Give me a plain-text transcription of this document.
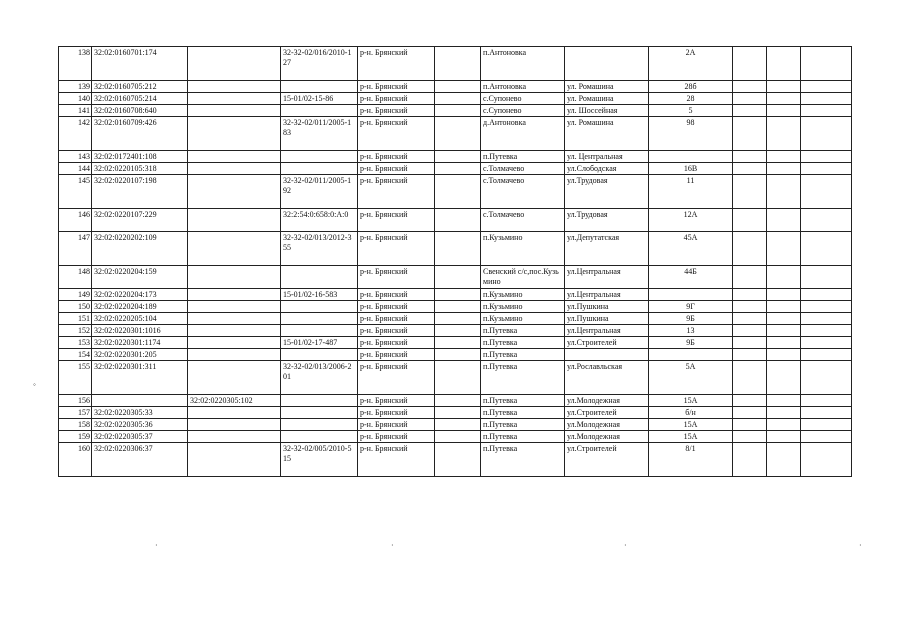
138	32:02:0160701:174		32-32-02/016/2010-127	р-н. Брянский		п.Антоновка		2А			
139	32:02:0160705:212			р-н. Брянский		п.Антоновка	ул. Ромашина	28б			
140	32:02:0160705:214		15-01/02-15-86	р-н. Брянский		с.Супонево	ул. Ромашина	28			
141	32:02:0160708:640			р-н. Брянский		с.Супонево	ул. Шоссейная	5			
142	32:02:0160709:426		32-32-02/011/2005-183	р-н. Брянский		д.Антоновка	ул. Ромашина	98			
143	32:02:0172401:108			р-н. Брянский		п.Путевка	ул. Центральная				
144	32:02:0220105:318			р-н. Брянский		с.Толмачево	ул.Слободская	16В			
145	32:02:0220107:198		32-32-02/011/2005-192	р-н. Брянский		с.Толмачево	ул.Трудовая	11			
146	32:02:0220107:229		32:2:54:0:658:0:А:0	р-н. Брянский		с.Толмачево	ул.Трудовая	12А			
147	32:02:0220202:109		32-32-02/013/2012-355	р-н. Брянский		п.Кузьмино	ул.Депутатская	45А			
148	32:02:0220204:159			р-н. Брянский		Свенский с/с,пос.Кузьмино	ул.Центральная	44Б			
149	32:02:0220204:173		15-01/02-16-583	р-н. Брянский		п.Кузьмино	ул.Центральная				
150	32:02:0220204:189			р-н. Брянский		п.Кузьмино	ул.Пушкина	9Г			
151	32:02:0220205:104			р-н. Брянский		п.Кузьмино	ул.Пушкина	9Б			
152	32:02:0220301:1016			р-н. Брянский		п.Путевка	ул.Центральная	13			
153	32:02:0220301:1174		15-01/02-17-487	р-н. Брянский		п.Путевка	ул.Строителей	9Б			
154	32:02:0220301:205			р-н. Брянский		п.Путевка					
155	32:02:0220301:311		32-32-02/013/2006-201	р-н. Брянский		п.Путевка	ул.Рославльская	5А			
156		32:02:0220305:102		р-н. Брянский		п.Путевка	ул.Молодежная	15А			
157	32:02:0220305:33			р-н. Брянский		п.Путевка	ул.Строителей	б/н			
158	32:02:0220305:36			р-н. Брянский		п.Путевка	ул.Молодежная	15А			
159	32:02:0220305:37			р-н. Брянский		п.Путевка	ул.Молодежная	15А			
160	32:02:0220306:37		32-32-02/005/2010-515	р-н. Брянский		п.Путевка	ул.Строителей	8/1			
◦
·	·	·	·
